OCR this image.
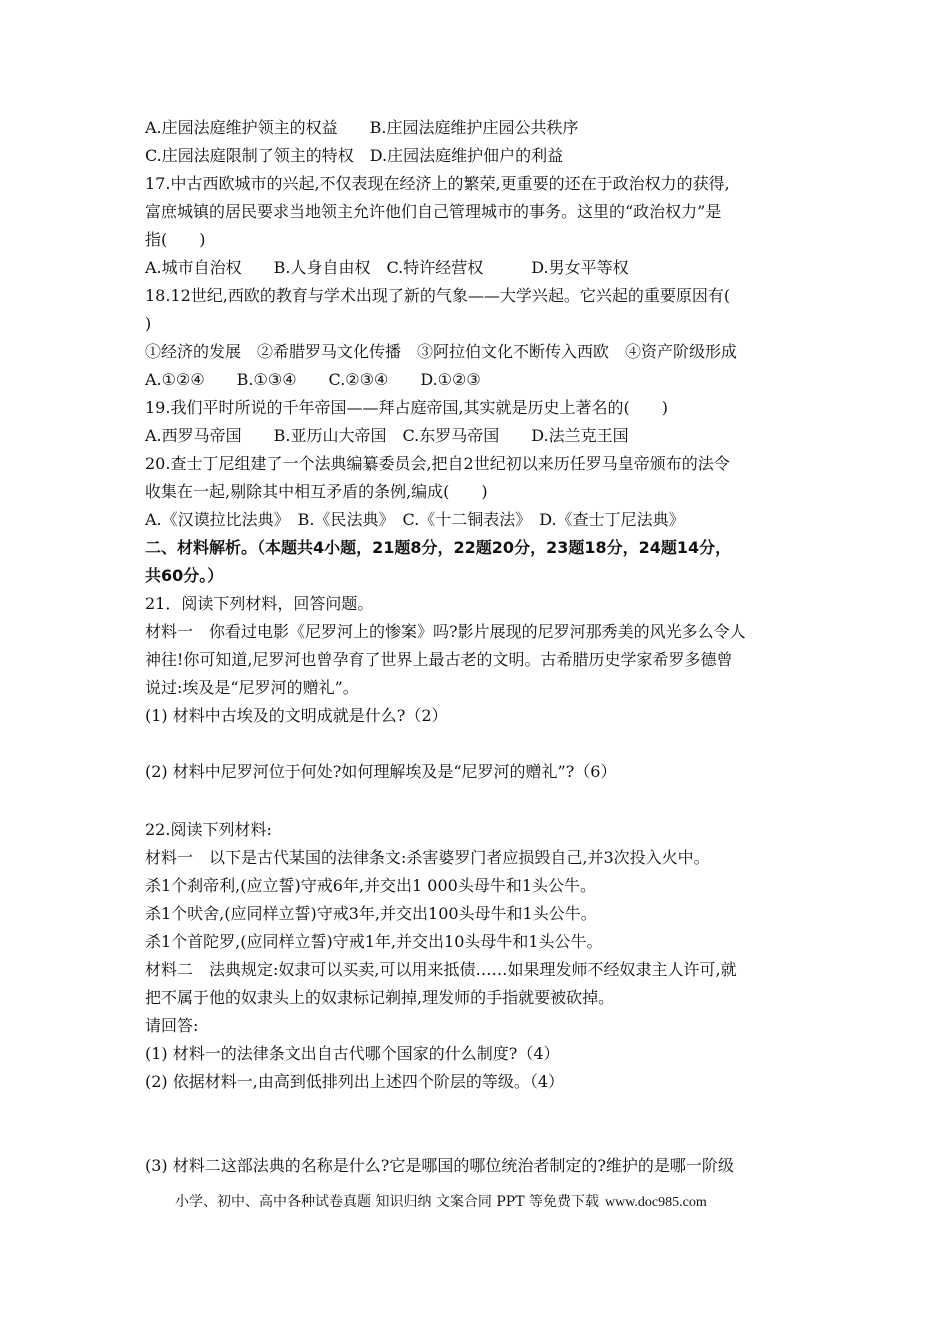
A.庄园法庭维护领主的权益　　B.庄园法庭维护庄园公共秩序
C.庄园法庭限制了领主的特权　D.庄园法庭维护佃户的利益
17.中古西欧城市的兴起,不仅表现在经济上的繁荣,更重要的还在于政治权力的获得,
富庶城镇的居民要求当地领主允许他们自己管理城市的事务。这里的“政治权力”是
指(　　)
A.城市自治权　　B.人身自由权　C.特许经营权　　　D.男女平等权
18.12世纪,西欧的教育与学术出现了新的气象——大学兴起。它兴起的重要原因有(
)
①经济的发展　②希腊罗马文化传播　③阿拉伯文化不断传入西欧　④资产阶级形成
A.①②④　　B.①③④　　C.②③④　　D.①②③
19.我们平时所说的千年帝国——拜占庭帝国,其实就是历史上著名的(　　)
A.西罗马帝国　　B.亚历山大帝国　C.东罗马帝国　　D.法兰克王国
20.查士丁尼组建了一个法典编纂委员会,把自2世纪初以来历任罗马皇帝颁布的法令
收集在一起,剔除其中相互矛盾的条例,编成(　　)
A.《汉谟拉比法典》　B.《民法典》　C.《十二铜表法》　D.《查士丁尼法典》
二、材料解析。（本题共4小题，21题8分，22题20分，23题18分，24题14分，
共60分。）
21．阅读下列材料，回答问题。
材料一　你看过电影《尼罗河上的惨案》吗?影片展现的尼罗河那秀美的风光多么令人
神往!你可知道,尼罗河也曾孕育了世界上最古老的文明。古希腊历史学家希罗多德曾
说过:埃及是“尼罗河的赠礼”。
(1) 材料中古埃及的文明成就是什么?（2）
(2) 材料中尼罗河位于何处?如何理解埃及是“尼罗河的赠礼”?（6）
22.阅读下列材料:
材料一　以下是古代某国的法律条文:杀害婆罗门者应损毁自己,并3次投入火中。
杀1个刹帝利,(应立誓)守戒6年,并交出1 000头母牛和1头公牛。
杀1个吠舍,(应同样立誓)守戒3年,并交出100头母牛和1头公牛。
杀1个首陀罗,(应同样立誓)守戒1年,并交出10头母牛和1头公牛。
材料二　法典规定:奴隶可以买卖,可以用来抵债……如果理发师不经奴隶主人许可,就
把不属于他的奴隶头上的奴隶标记剃掉,理发师的手指就要被砍掉。
请回答:
(1) 材料一的法律条文出自古代哪个国家的什么制度?（4）
(2) 依据材料一,由高到低排列出上述四个阶层的等级。（4）
(3) 材料二这部法典的名称是什么?它是哪国的哪位统治者制定的?维护的是哪一阶级
小学、初中、高中各种试卷真题 知识归纳 文案合同 PPT 等免费下载 www.doc985.com
